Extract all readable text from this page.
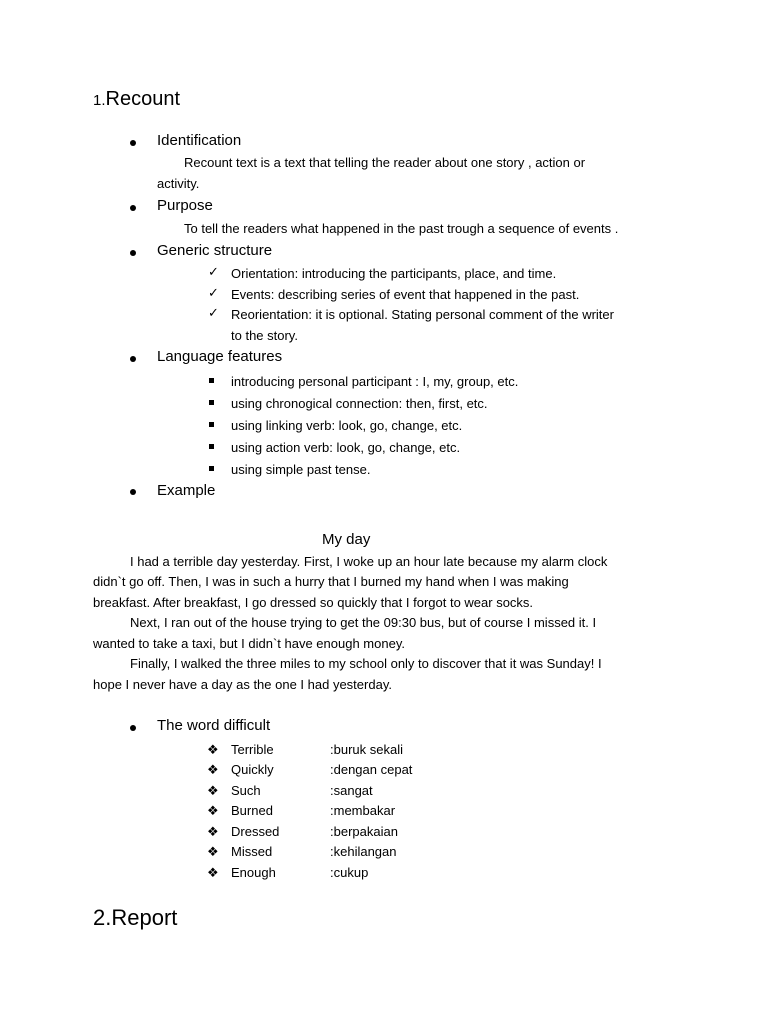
1.Recount
Identification
Recount text is a text that telling the reader about one story , action or
activity.
Purpose
To tell the readers what happened in the past trough a sequence of events .
Generic structure
✓ Orientation: introducing the participants, place, and time.
✓ Events: describing series of event that happened in the past.
✓ Reorientation: it is optional. Stating personal comment of the writer
to the story.
Language features
introducing personal participant : I, my, group, etc.
using chronogical connection: then, first, etc.
using linking verb: look, go, change, etc.
using action verb: look, go, change, etc.
using simple past tense.
Example
My day
I had a terrible day yesterday. First, I woke up an hour late because my alarm clock
didn`t go off. Then, I was in such a hurry that I burned my hand when I was making
breakfast. After breakfast, I go dressed so quickly that I forgot to wear socks.
Next, I ran out of the house trying to get the 09:30 bus, but of course I missed it. I
wanted to take a taxi, but I didn`t have enough money.
Finally, I walked the three miles to my school only to discover that it was Sunday! I
hope I never have a day as the one I had yesterday.
The word difficult
❖ Terrible	:buruk sekali
❖ Quickly	:dengan cepat
❖ Such	:sangat
❖ Burned	:membakar
❖ Dressed	:berpakaian
❖ Missed	:kehilangan
❖ Enough	:cukup
2.Report
